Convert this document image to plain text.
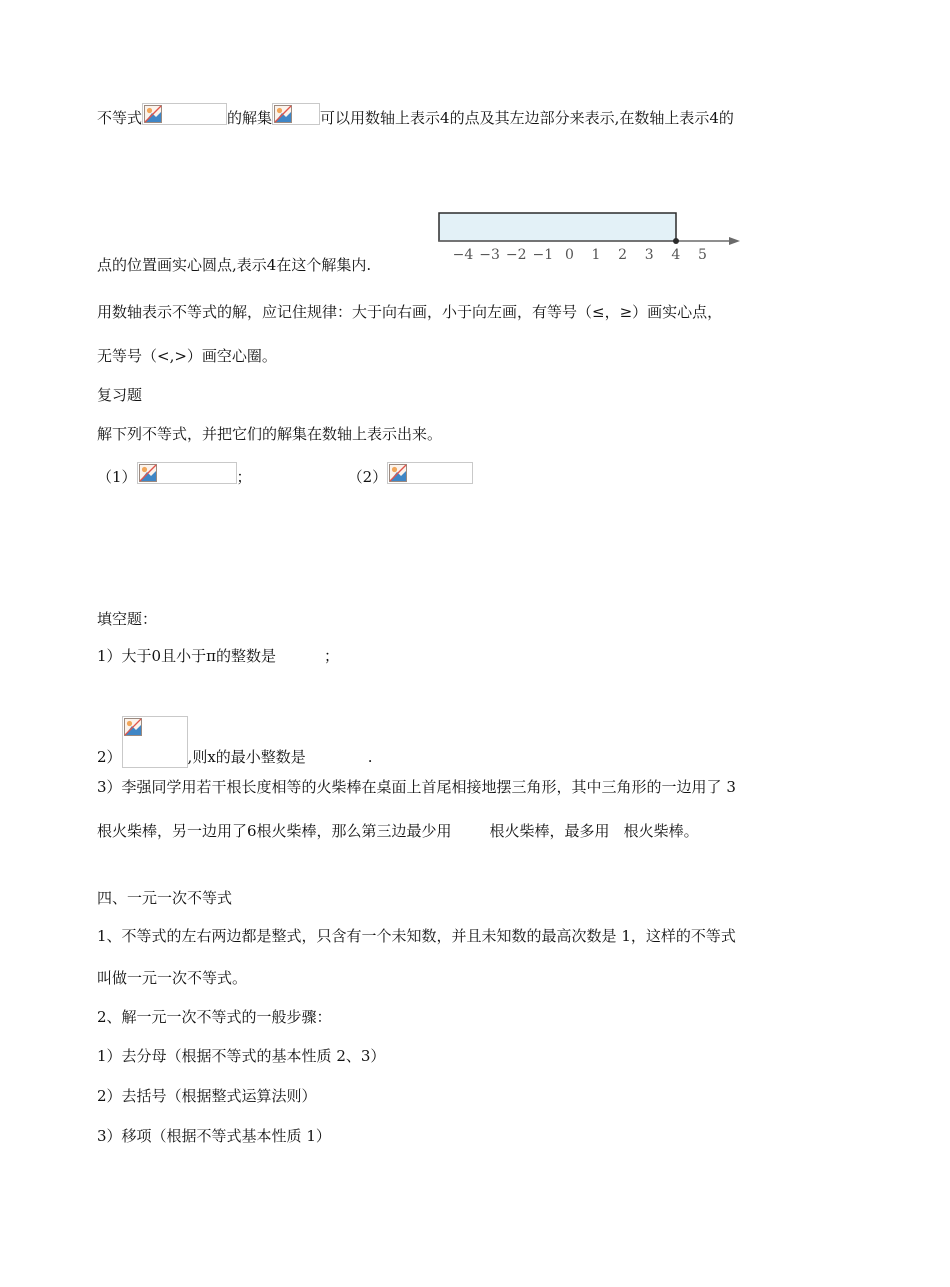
不等式	的解集	可以用数轴上表示4的点及其左边部分来表示,在数轴上表示4的
−4 −3 −2 −1 0 1 2 3 4 5
点的位置画实心圆点,表示4在这个解集内.
用数轴表示不等式的解，应记住规律：大于向右画，小于向左画，有等号（≤，≥）画实心点，
无等号（<,>）画空心圈。
复习题
解下列不等式，并把它们的解集在数轴上表示出来。
（1）	；	（2）
填空题：
1）大于0且小于π的整数是	；
2）	,则x的最小整数是	.
3）李强同学用若干根长度相等的火柴棒在桌面上首尾相接地摆三角形，其中三角形的一边用了 3
根火柴棒，另一边用了6根火柴棒，那么第三边最少用	根火柴棒，最多用 根火柴棒。
四、一元一次不等式
1、不等式的左右两边都是整式，只含有一个未知数，并且未知数的最高次数是 1，这样的不等式
叫做一元一次不等式。
2、解一元一次不等式的一般步骤：
1）去分母（根据不等式的基本性质 2、3）
2）去括号（根据整式运算法则）
3）移项（根据不等式基本性质 1）
